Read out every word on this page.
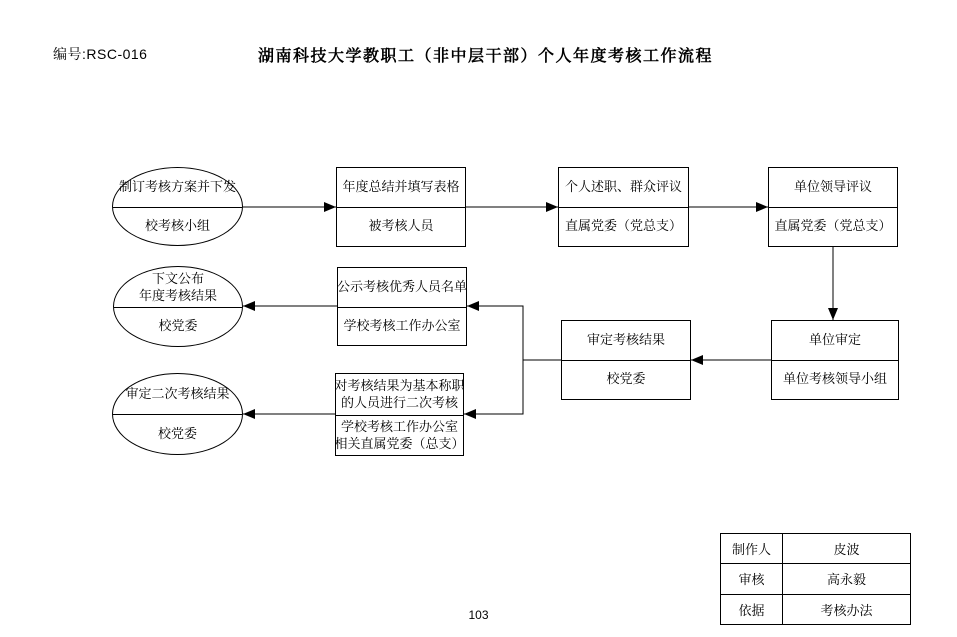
编号:RSC-016	湖南科技大学教职工（非中层干部）个人年度考核工作流程
制订考核方案并下发
校考核小组
年度总结并填写表格
被考核人员
个人述职、群众评议
直属党委（党总支）
单位领导评议
直属党委（党总支）
单位审定
单位考核领导小组
审定考核结果
校党委
公示考核优秀人员名单
学校考核工作办公室
下文公布
年度考核结果
校党委
对考核结果为基本称职
的人员进行二次考核
学校考核工作办公室
相关直属党委（总支）
审定二次考核结果
校党委
制作人	皮波
审核	高永毅
依据	考核办法
103
